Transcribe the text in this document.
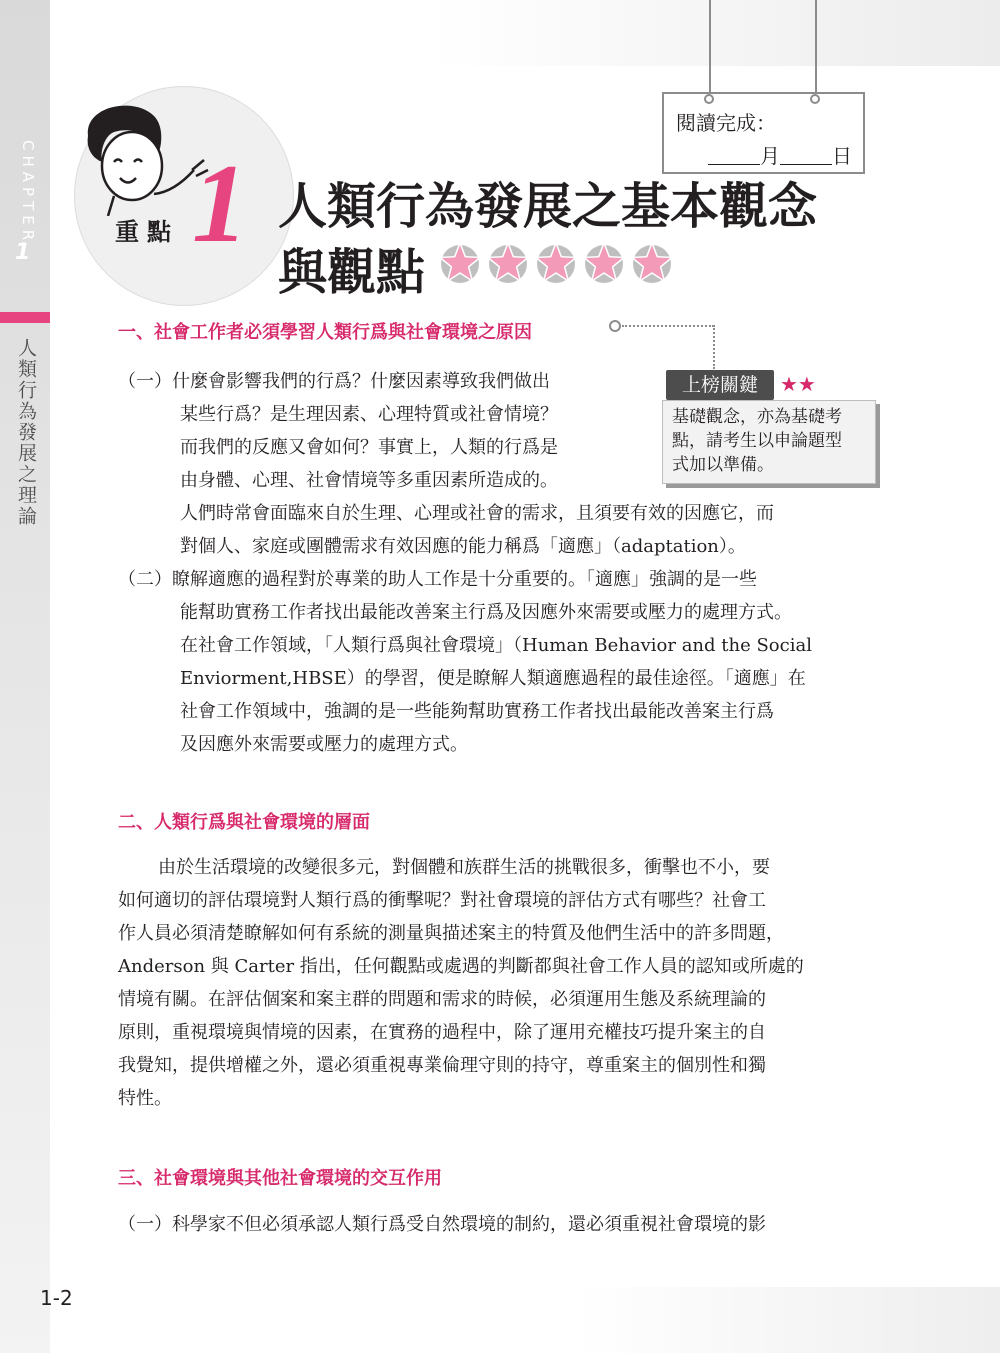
CHAPTER
1
人類行為發展之理論
重點 1
閱讀完成：
月	日
人類行為發展之基本觀念
與觀點
一、社會工作者必須學習人類行爲與社會環境之原因
上榜關鍵	★★
基礎觀念，亦為基礎考
點，請考生以申論題型
式加以準備。
（一）什麼會影響我們的行爲？什麼因素導致我們做出
某些行爲？是生理因素、心理特質或社會情境？
而我們的反應又會如何？事實上，人類的行爲是
由身體、心理、社會情境等多重因素所造成的。
人們時常會面臨來自於生理、心理或社會的需求，且須要有效的因應它，而
對個人、家庭或團體需求有效因應的能力稱爲「適應」（adaptation）。
（二）瞭解適應的過程對於專業的助人工作是十分重要的。「適應」強調的是一些
能幫助實務工作者找出最能改善案主行爲及因應外來需要或壓力的處理方式。
在社會工作領域，「人類行爲與社會環境」（Human Behavior and the Social
Enviorment,HBSE）的學習，便是瞭解人類適應過程的最佳途徑。「適應」在
社會工作領域中，強調的是一些能夠幫助實務工作者找出最能改善案主行爲
及因應外來需要或壓力的處理方式。
二、人類行爲與社會環境的層面
由於生活環境的改變很多元，對個體和族群生活的挑戰很多，衝擊也不小，要
如何適切的評估環境對人類行爲的衝擊呢？對社會環境的評估方式有哪些？社會工
作人員必須清楚瞭解如何有系統的測量與描述案主的特質及他們生活中的許多問題，
Anderson 與 Carter 指出，任何觀點或處遇的判斷都與社會工作人員的認知或所處的
情境有關。在評估個案和案主群的問題和需求的時候，必須運用生態及系統理論的
原則，重視環境與情境的因素，在實務的過程中，除了運用充權技巧提升案主的自
我覺知，提供增權之外，還必須重視專業倫理守則的持守，尊重案主的個別性和獨
特性。
三、社會環境與其他社會環境的交互作用
（一）科學家不但必須承認人類行爲受自然環境的制約，還必須重視社會環境的影
1-2
